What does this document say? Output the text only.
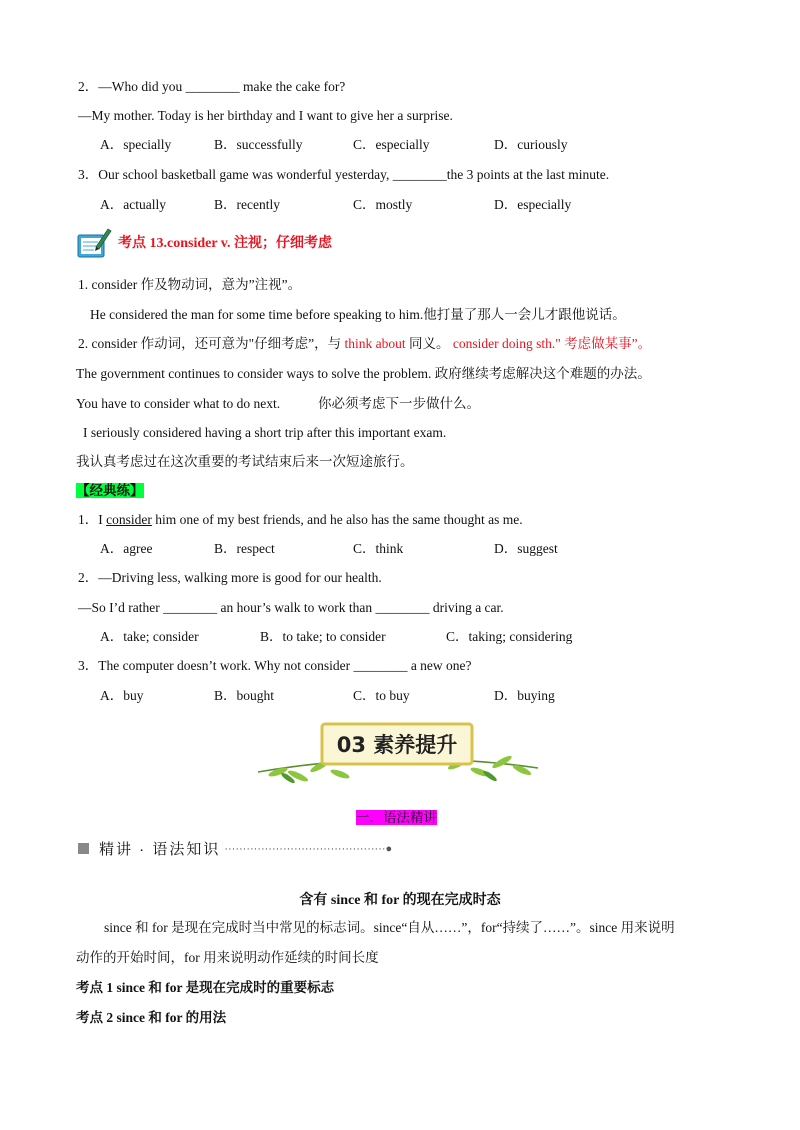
2．—Who did you ________ make the cake for?
—My mother. Today is her birthday and I want to give her a surprise.
A．specially	B．successfully	C．especially	D．curiously
3．Our school basketball game was wonderful yesterday, ________the 3 points at the last minute.
A．actually	B．recently	C．mostly	D．especially
考点 13.consider v. 注视；仔细考虑
1. consider 作及物动词，意为”注视”。
He considered the man for some time before speaking to him.他打量了那人一会儿才跟他说话。
2. consider 作动词，还可意为"仔细考虑”，与 think about 同义。 consider doing sth." 考虑做某事”。
The government continues to consider ways to solve the problem. 政府继续考虑解决这个难题的办法。
You have to consider what to do next.	你必须考虑下一步做什么。
I seriously considered having a short trip after this important exam.
我认真考虑过在这次重要的考试结束后来一次短途旅行。
【经典练】
1．I consider him one of my best friends, and he also has the same thought as me.
A．agree	B．respect	C．think	D．suggest
2．—Driving less, walking more is good for our health.
—So I’d rather ________ an hour’s walk to work than ________ driving a car.
A．take; consider	B．to take; to consider	C．taking; considering
3．The computer doesn’t work. Why not consider ________ a new one?
A．buy	B．bought	C．to buy	D．buying
03 素养提升
一．语法精讲
精讲 · 语法知识 ············································●
含有 since 和 for 的现在完成时态
since 和 for 是现在完成时当中常见的标志词。since“自从……”，for“持续了……”。since 用来说明
动作的开始时间，for 用来说明动作延续的时间长度
考点 1 since 和 for 是现在完成时的重要标志
考点 2 since 和 for 的用法
